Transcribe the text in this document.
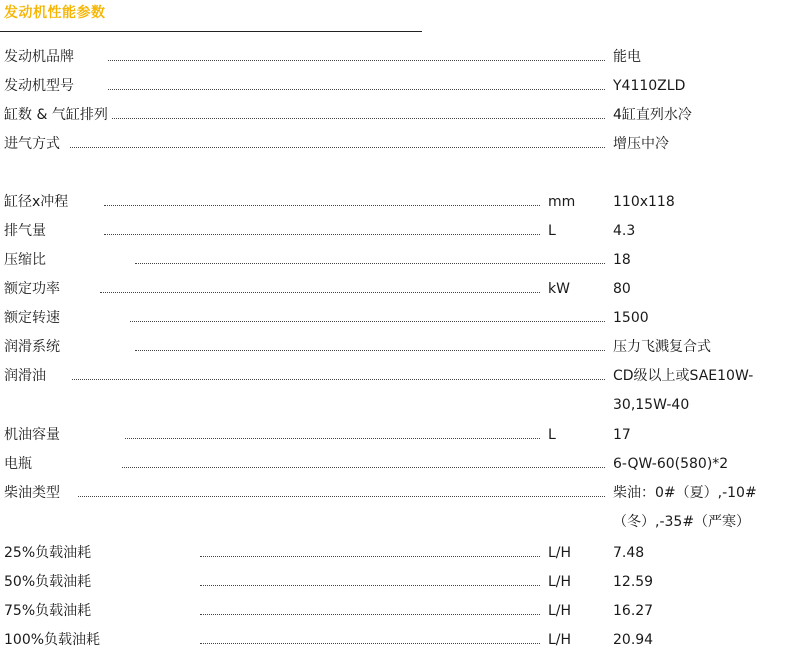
发动机性能参数
发动机品牌	能电
发动机型号	Y4110ZLD
缸数 & 气缸排列	4缸直列水冷
进气方式	增压中冷
缸径x冲程	mm	110x118
排气量	L	4.3
压缩比	18
额定功率	kW	80
额定转速	1500
润滑系统	压力飞溅复合式
润滑油	CD级以上或SAE10W-30,15W-40
机油容量	L	17
电瓶	6-QW-60(580)*2
柴油类型	柴油：0#（夏）,-10#（冬）,-35#（严寒）
25%负载油耗	L/H	7.48
50%负载油耗	L/H	12.59
75%负载油耗	L/H	16.27
100%负载油耗	L/H	20.94
